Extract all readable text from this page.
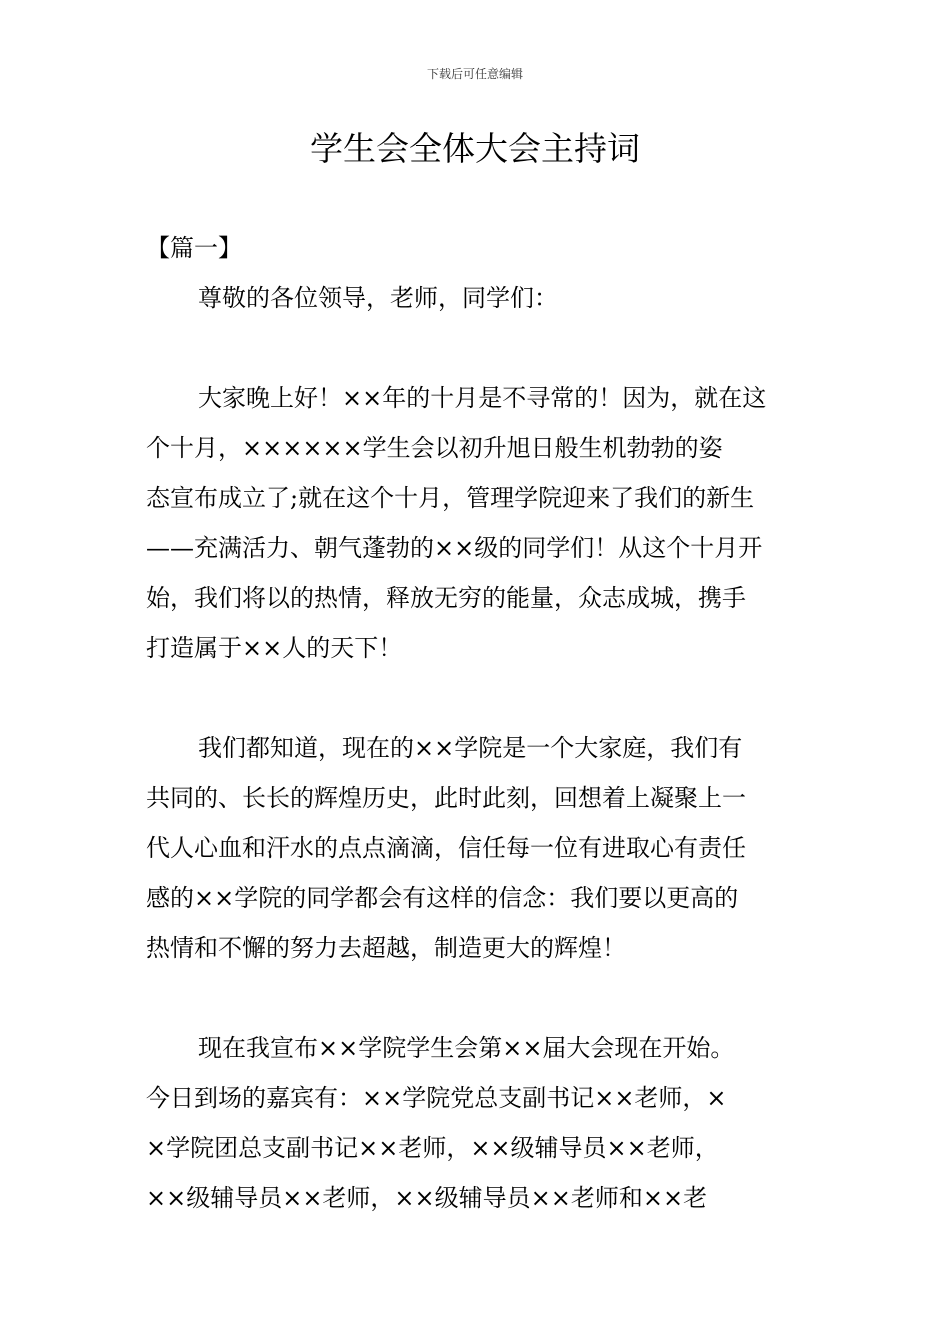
下载后可任意编辑
学生会全体大会主持词
【篇一】
尊敬的各位领导，老师，同学们：
大家晚上好！××年的十月是不寻常的！因为，就在这
个十月，××××××学生会以初升旭日般生机勃勃的姿
态宣布成立了;就在这个十月，管理学院迎来了我们的新生
——充满活力、朝气蓬勃的××级的同学们！从这个十月开
始，我们将以的热情，释放无穷的能量，众志成城，携手
打造属于××人的天下！
我们都知道，现在的××学院是一个大家庭，我们有
共同的、长长的辉煌历史，此时此刻，回想着上凝聚上一
代人心血和汗水的点点滴滴，信任每一位有进取心有责任
感的××学院的同学都会有这样的信念：我们要以更高的
热情和不懈的努力去超越，制造更大的辉煌！
现在我宣布××学院学生会第××届大会现在开始。
今日到场的嘉宾有：××学院党总支副书记××老师，×
×学院团总支副书记××老师，××级辅导员××老师，
××级辅导员××老师，××级辅导员××老师和××老
